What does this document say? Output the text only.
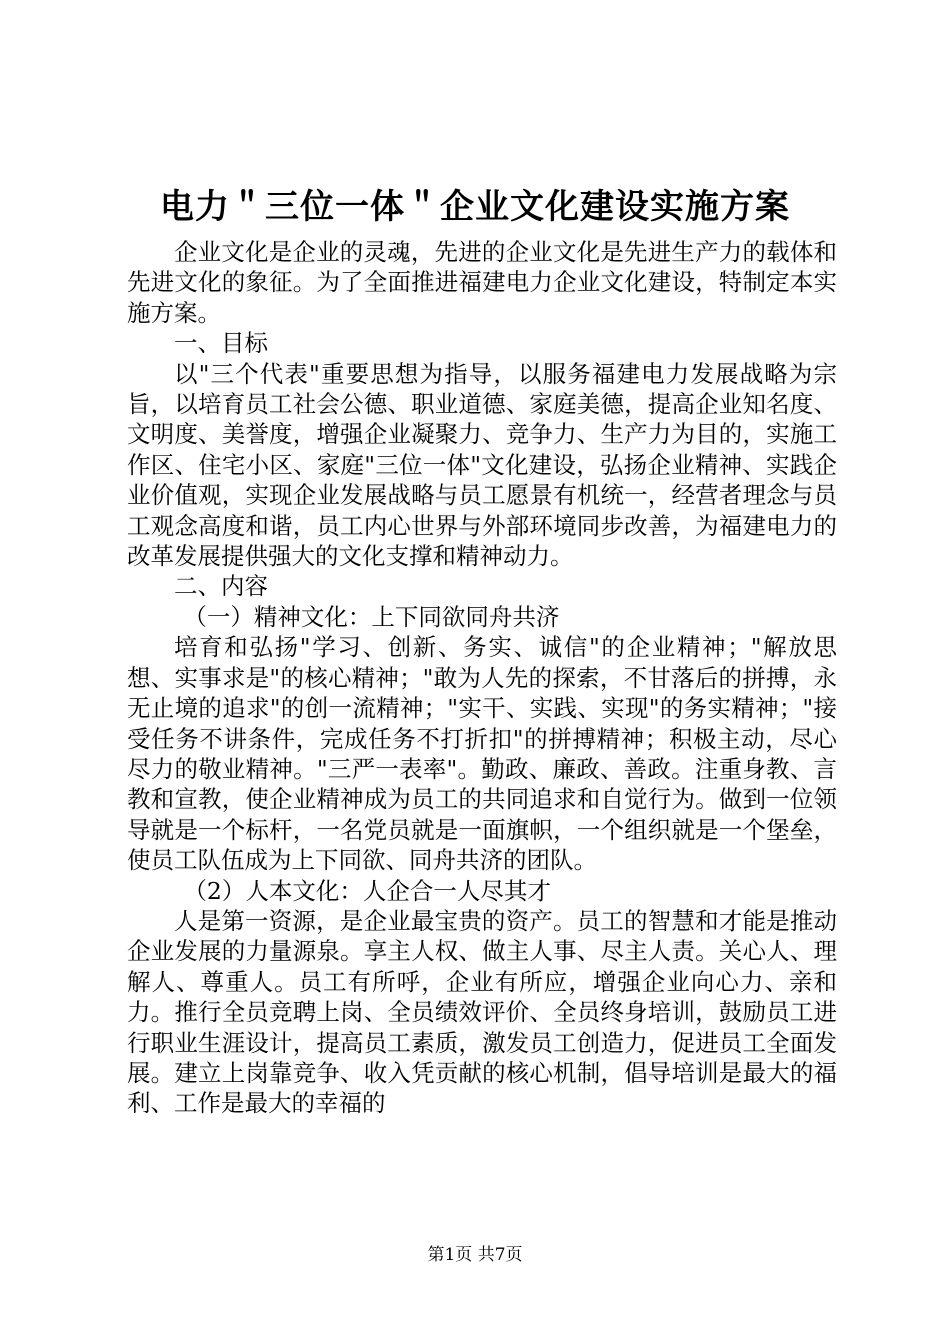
电力＂三位一体＂企业文化建设实施方案

企业文化是企业的灵魂，先进的企业文化是先进生产力的载体和先进文化的象征。为了全面推进福建电力企业文化建设，特制定本实施方案。

一、目标

以"三个代表"重要思想为指导，以服务福建电力发展战略为宗旨，以培育员工社会公德、职业道德、家庭美德，提高企业知名度、文明度、美誉度，增强企业凝聚力、竞争力、生产力为目的，实施工作区、住宅小区、家庭"三位一体"文化建设，弘扬企业精神、实践企业价值观，实现企业发展战略与员工愿景有机统一，经营者理念与员工观念高度和谐，员工内心世界与外部环境同步改善，为福建电力的改革发展提供强大的文化支撑和精神动力。

二、内容

（一）精神文化：上下同欲同舟共济

培育和弘扬"学习、创新、务实、诚信"的企业精神；"解放思想、实事求是"的核心精神；"敢为人先的探索，不甘落后的拼搏，永无止境的追求"的创一流精神；"实干、实践、实现"的务实精神；"接受任务不讲条件，完成任务不打折扣"的拼搏精神；积极主动，尽心尽力的敬业精神。"三严一表率"。勤政、廉政、善政。注重身教、言教和宣教，使企业精神成为员工的共同追求和自觉行为。做到一位领导就是一个标杆，一名党员就是一面旗帜，一个组织就是一个堡垒，使员工队伍成为上下同欲、同舟共济的团队。

（2）人本文化：人企合一人尽其才

人是第一资源，是企业最宝贵的资产。员工的智慧和才能是推动企业发展的力量源泉。享主人权、做主人事、尽主人责。关心人、理解人、尊重人。员工有所呼，企业有所应，增强企业向心力、亲和力。推行全员竞聘上岗、全员绩效评价、全员终身培训，鼓励员工进行职业生涯设计，提高员工素质，激发员工创造力，促进员工全面发展。建立上岗靠竞争、收入凭贡献的核心机制，倡导培训是最大的福利、工作是最大的幸福的

第1页 共7页
